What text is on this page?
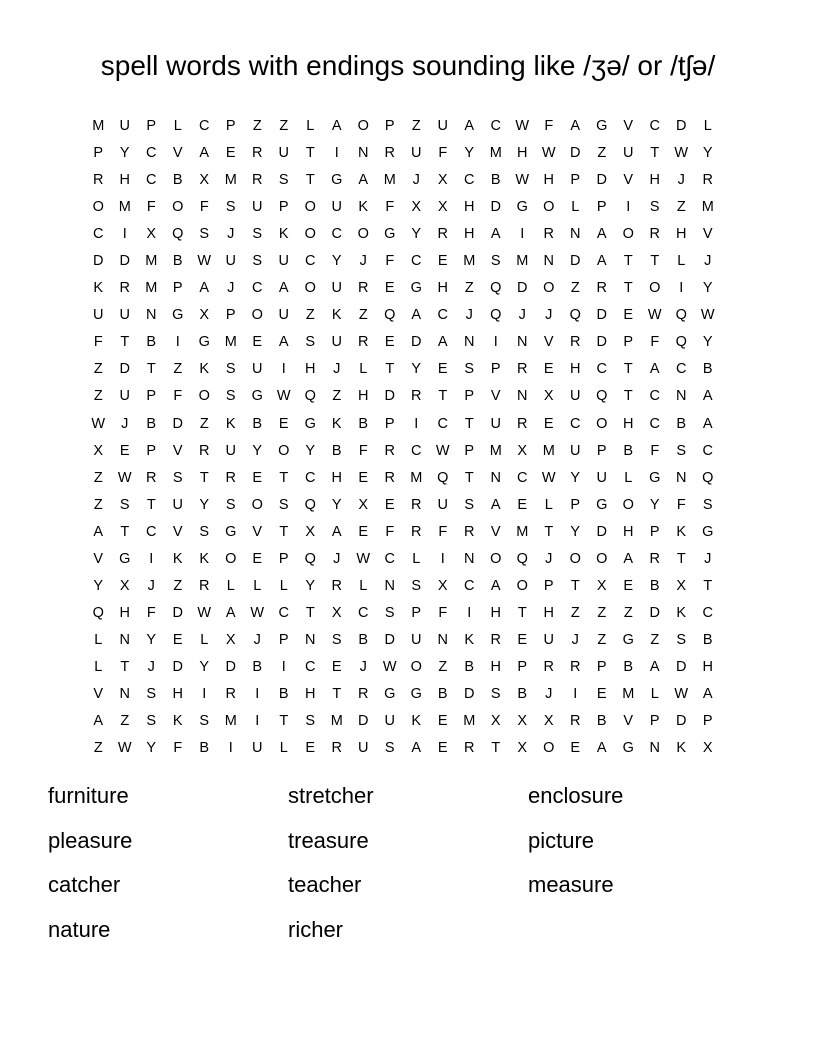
spell words with endings sounding like /ʒə/ or /tʃə/
M	U	P	L	C	P	Z	Z	L	A	O	P	Z	U	A	C W	F	A	G	V	C	D	L
P	Y	C	V	A	E	R	U	T	I	N	R	U	F	Y	M	H W D	Z	U	T	W	Y
R	H	C	B	X	M	R	S	T	G	A	M	J	X	C	B	W H	P	D	V	H	J	R
O	M	F	O	F	S	U	P	O	U	K	F	X	X	H	D	G	O	L	P	I	S	Z	M
C	I	X	Q	S	J	S	K	O	C	O	G	Y	R	H	A	I	R	N	A	O	R	H	V
D	D	M	B	W U	S	U	C	Y	J	F	C	E	M	S	M	N	D	A	T	T	L	J
K	R	M	P	A	J	C	A	O	U	R	E	G	H	Z	Q	D	O	Z	R	T	O	I	Y
U	U	N	G	X	P	O	U	Z	K	Z	Q	A	C	J	Q	J	J	Q	D	E	W Q W
F	T	B	I	G	M	E	A	S	U	R	E	D	A	N	I	N	V	R	D	P	F	Q	Y
Z	D	T	Z	K	S	U	I	H	J	L	T	Y	E	S	P	R	E	H	C	T	A	C	B
Z	U	P	F	O	S	G W Q	Z	H	D	R	T	P	V	N	X	U	Q	T	C	N	A
W	J	B	D	Z	K	B	E	G	K	B	P	I	C	T	U	R	E	C	O	H	C	B	A
X	E	P	V	R	U	Y	O	Y	B	F	R	C W	P	M	X	M	U	P	B	F	S	C
Z	W R	S	T	R	E	T	C	H	E	R	M	Q	T	N	C W	Y	U	L	G	N	Q
Z	S	T	U	Y	S	O	S	Q	Y	X	E	R	U	S	A	E	L	P	G	O	Y	F	S
A	T	C	V	S	G	V	T	X	A	E	F	R	F	R	V	M	T	Y	D	H	P	K	G
V	G	I	K	K	O	E	P	Q	J	W C	L	I	N	O	Q	J	O	O	A	R	T	J
Y	X	J	Z	R	L	L	L	Y	R	L	N	S	X	C	A	O	P	T	X	E	B	X	T
Q	H	F	D W	A	W C	T	X	C	S	P	F	I	H	T	H	Z	Z	Z	D	K	C
L	N	Y	E	L	X	J	P	N	S	B	D	U	N	K	R	E	U	J	Z	G	Z	S	B
L	T	J	D	Y	D	B	I	C	E	J	W O	Z	B	H	P	R	R	P	B	A	D	H
V	N	S	H	I	R	I	B	H	T	R	G	G	B	D	S	B	J	I	E	M	L	W	A
A	Z	S	K	S	M	I	T	S	M	D	U	K	E	M	X	X	X	R	B	V	P	D	P
Z	W	Y	F	B	I	U	L	E	R	U	S	A	E	R	T	X	O	E	A	G	N	K	X
furniture	stretcher	enclosure
pleasure	treasure	picture
catcher	teacher	measure
nature	richer
